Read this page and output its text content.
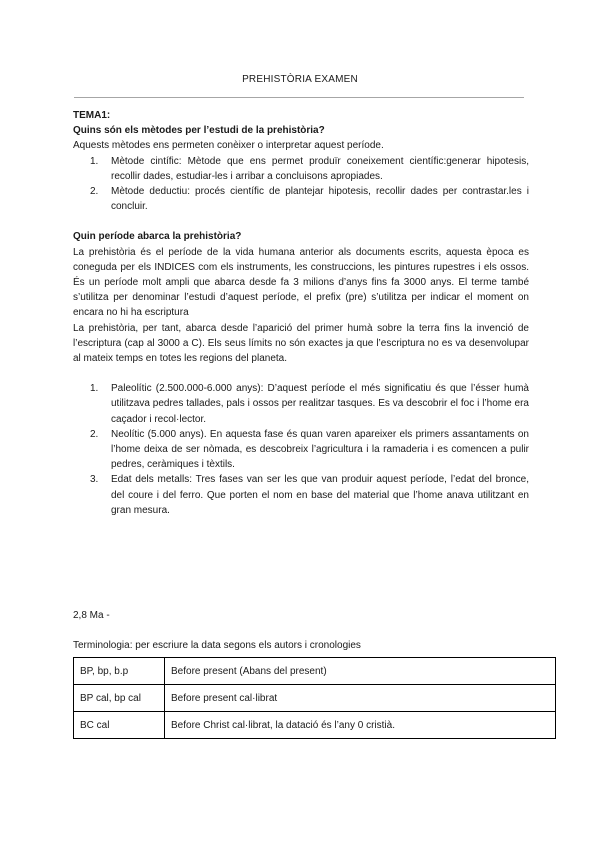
PREHISTÒRIA EXAMEN

TEMA1:

Quins són els mètodes per l’estudi de la prehistòria?

Aquests mètodes ens permeten conèixer o interpretar aquest període.

1. Mètode cintífic: Mètode que ens permet produïr coneixement científic:generar hipotesis, recollir dades, estudiar-les i arribar a concluisons apropiades.
2. Mètode deductiu: procés científic de plantejar hipotesis, recollir dades per contrastar.les i concluir.

Quin període abarca la prehistòria?

La prehistòria és el període de la vida humana anterior als documents escrits, aquesta època es coneguda per els INDICES com els instruments, les construccions, les pintures rupestres i els ossos. És un període molt ampli que abarca desde fa 3 milions d’anys fins fa 3000 anys. El terme també s’utilitza per denominar l’estudi d’aquest període, el prefix (pre) s’utilitza per indicar el moment on encara no hi ha escriptura

La prehistòria, per tant, abarca desde l’aparició del primer humà sobre la terra fins la invenció de l’escriptura (cap al 3000 a C). Els seus límits no són exactes ja que l’escriptura no es va desenvolupar al mateix temps en totes les regions del planeta.

1. Paleolític (2.500.000-6.000 anys): D’aquest període el més significatiu és que l’ésser humà utilitzava pedres tallades, pals i ossos per realitzar tasques. Es va descobrir el foc i l’home era caçador i recol·lector.
2. Neolític (5.000 anys). En aquesta fase és quan varen apareixer els primers assantaments on l’home deixa de ser nòmada, es descobreix l’agricultura i la ramaderia i es comencen a pulir pedres, ceràmiques i tèxtils.
3. Edat dels metalls: Tres fases van ser les que van produir aquest període, l’edat del bronce, del coure i del ferro. Que porten el nom en base del material que l’home anava utilitzant en gran mesura.

2,8 Ma -

Terminologia: per escriure la data segons els autors i cronologies

BP, bp, b.p	Before present (Abans del present)
BP cal, bp cal	Before present cal·librat
BC cal	Before Christ cal·librat, la datació és l’any 0 cristià.
